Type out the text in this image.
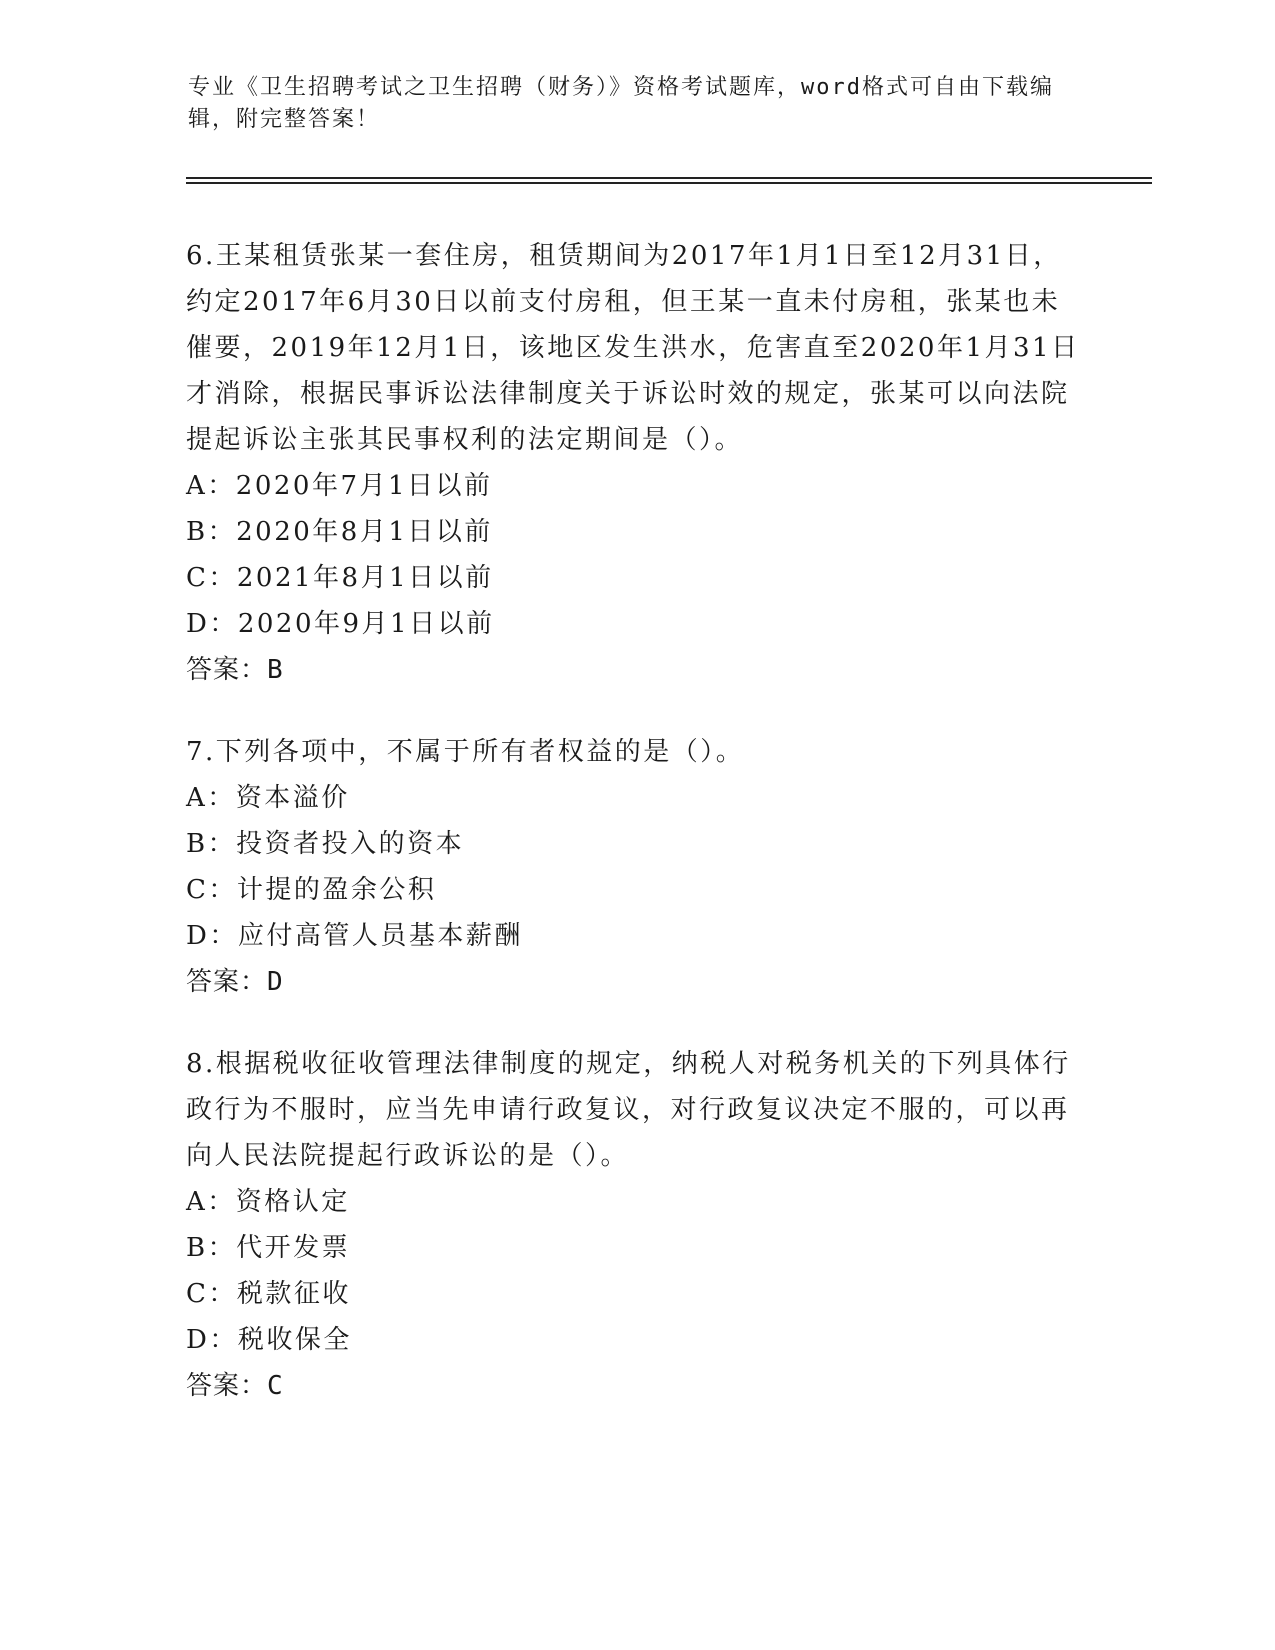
专业《卫生招聘考试之卫生招聘（财务）》资格考试题库，word格式可自由下载编辑，附完整答案！

6.王某租赁张某一套住房，租赁期间为2017年1月1日至12月31日，约定2017年6月30日以前支付房租，但王某一直未付房租，张某也未催要，2019年12月1日，该地区发生洪水，危害直至2020年1月31日才消除，根据民事诉讼法律制度关于诉讼时效的规定，张某可以向法院提起诉讼主张其民事权利的法定期间是（）。

A：2020年7月1日以前

B：2020年8月1日以前

C：2021年8月1日以前

D：2020年9月1日以前

答案：B

7.下列各项中，不属于所有者权益的是（）。

A：资本溢价

B：投资者投入的资本

C：计提的盈余公积

D：应付高管人员基本薪酬

答案：D

8.根据税收征收管理法律制度的规定，纳税人对税务机关的下列具体行政行为不服时，应当先申请行政复议，对行政复议决定不服的，可以再向人民法院提起行政诉讼的是（）。

A：资格认定

B：代开发票

C：税款征收

D：税收保全

答案：C
